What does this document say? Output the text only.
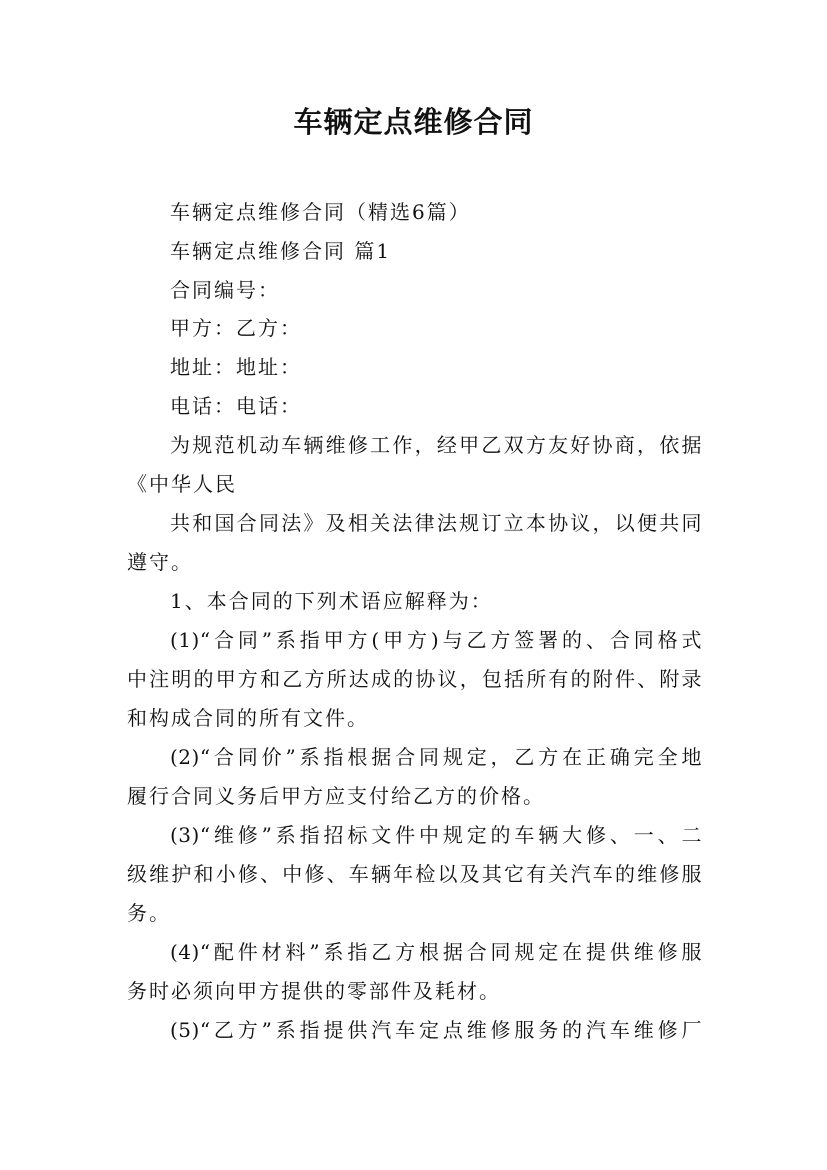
车辆定点维修合同
车辆定点维修合同（精选6篇）
车辆定点维修合同 篇1
合同编号：
甲方：乙方：
地址：地址：
电话：电话：
为规范机动车辆维修工作，经甲乙双方友好协商，依据
《中华人民
共和国合同法》及相关法律法规订立本协议，以便共同
遵守。
1、本合同的下列术语应解释为：
(1)“合同”系指甲方(甲方)与乙方签署的、合同格式
中注明的甲方和乙方所达成的协议，包括所有的附件、附录
和构成合同的所有文件。
(2)“合同价”系指根据合同规定，乙方在正确完全地
履行合同义务后甲方应支付给乙方的价格。
(3)“维修”系指招标文件中规定的车辆大修、一、二
级维护和小修、中修、车辆年检以及其它有关汽车的维修服
务。
(4)“配件材料”系指乙方根据合同规定在提供维修服
务时必须向甲方提供的零部件及耗材。
(5)“乙方”系指提供汽车定点维修服务的汽车维修厂
